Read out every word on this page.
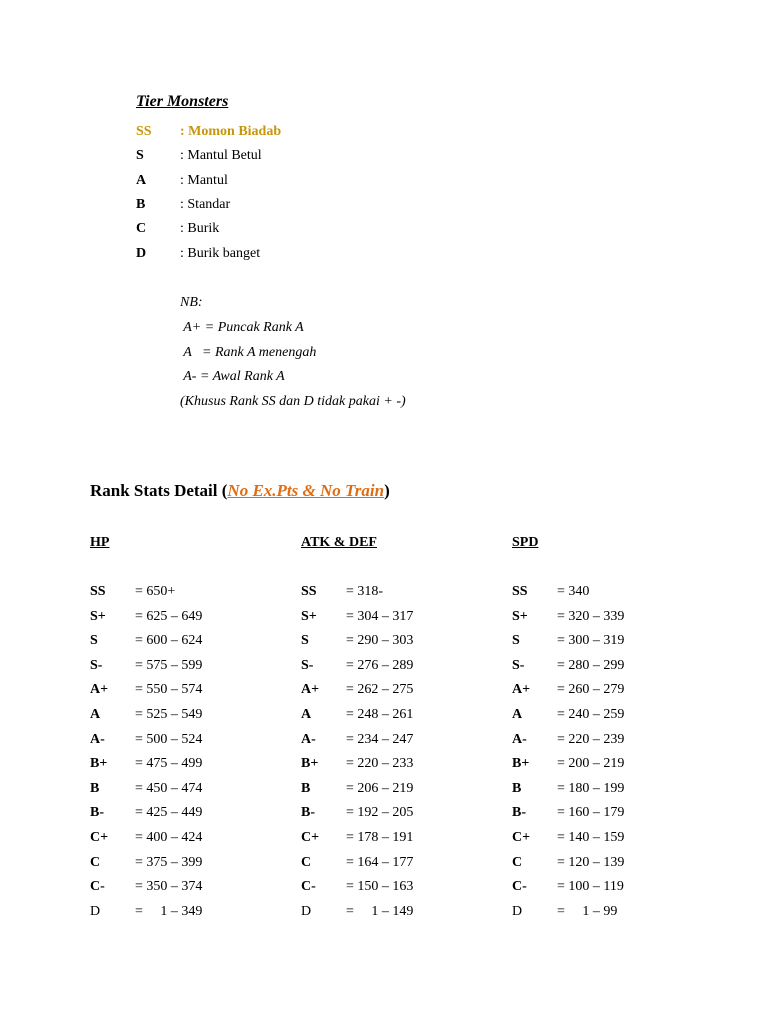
Tier Monsters
SS : Momon Biadab
S	: Mantul Betul
A : Mantul
B : Standar
C : Burik
D : Burik banget
NB:
A+ = Puncak Rank A
A   = Rank A menengah
A- = Awal Rank A
(Khusus Rank SS dan D tidak pakai + -)
Rank Stats Detail (No Ex.Pts & No Train)
HP	ATK & DEF	SPD
SS = 650+
S+ = 625 – 649
S	= 600 – 624
S- = 575 – 599
A+ = 550 – 574
A = 525 – 549
A- = 500 – 524
B+ = 475 – 499
B	= 450 – 474
B- = 425 – 449
C+ = 400 – 424
C = 375 – 399
C- = 350 – 374
D =     1 – 349
SS = 318-
S+ = 304 – 317
S	= 290 – 303
S- = 276 – 289
A+ = 262 – 275
A = 248 – 261
A- = 234 – 247
B+ = 220 – 233
B	= 206 – 219
B- = 192 – 205
C+ = 178 – 191
C = 164 – 177
C- = 150 – 163
D =     1 – 149
SS = 340
S+ = 320 – 339
S	= 300 – 319
S- = 280 – 299
A+ = 260 – 279
A = 240 – 259
A- = 220 – 239
B+ = 200 – 219
B	= 180 – 199
B- = 160 – 179
C+ = 140 – 159
C = 120 – 139
C- = 100 – 119
D =     1 – 99
